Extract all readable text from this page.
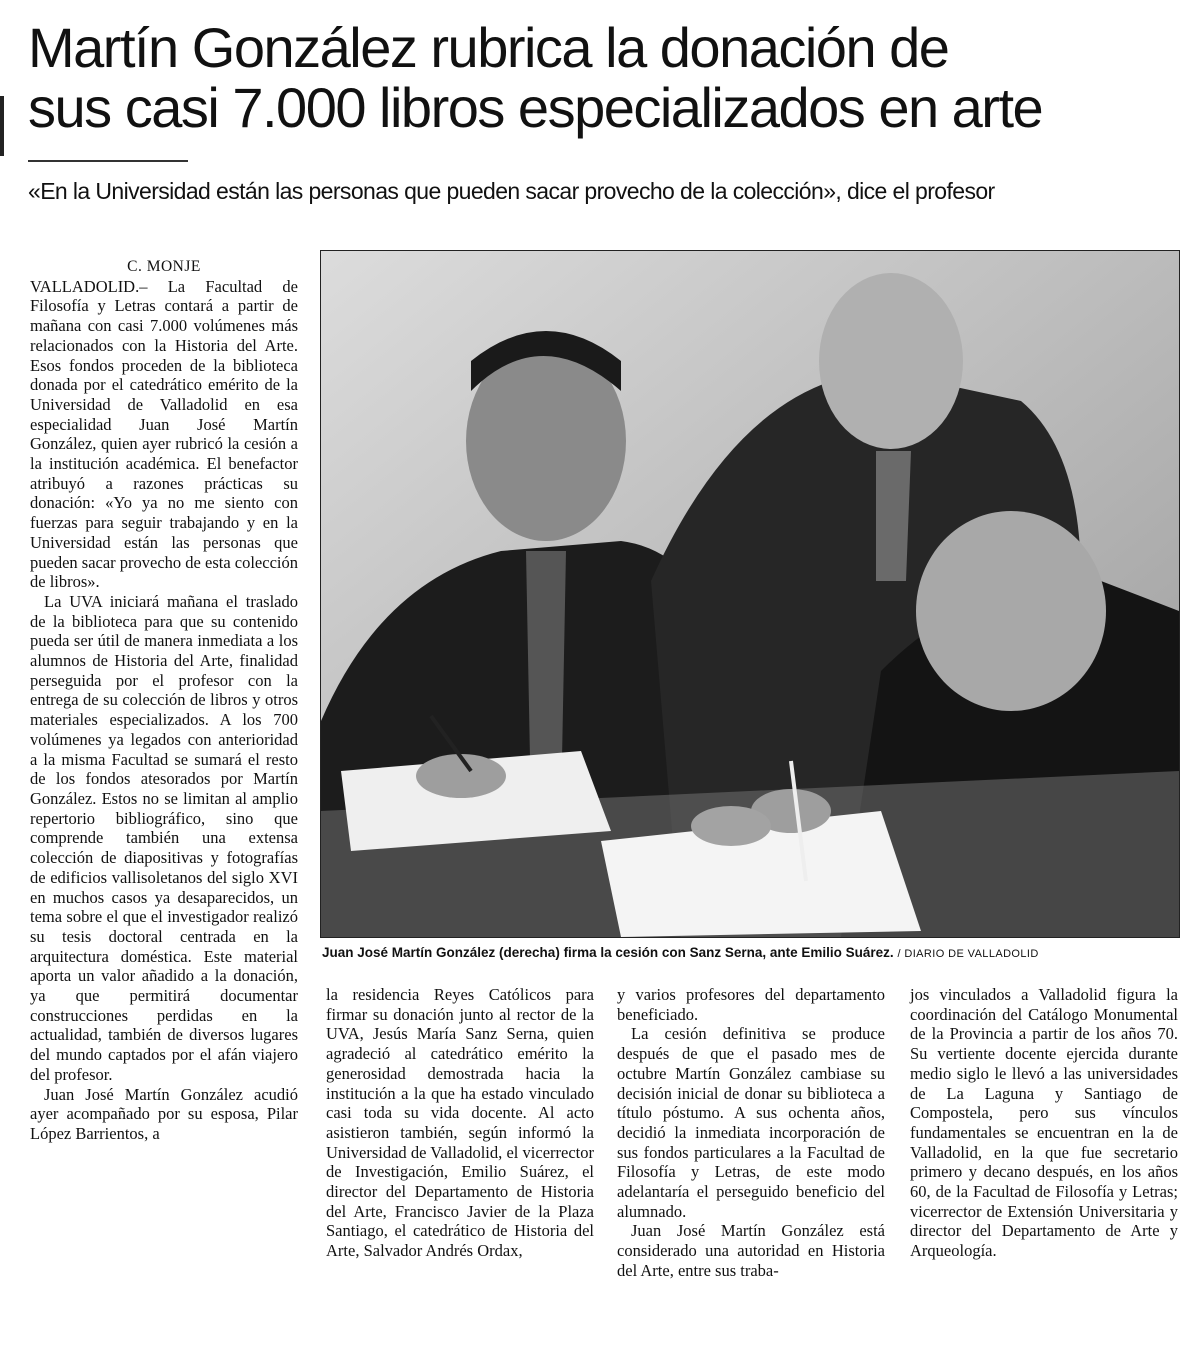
Martín González rubrica la donación de
sus casi 7.000 libros especializados en arte
«En la Universidad están las personas que pueden sacar provecho de la colección», dice el profesor

C. MONJE

VALLADOLID.– La Facultad de Filosofía y Letras contará a partir de mañana con casi 7.000 volúmenes más relacionados con la Historia del Arte. Esos fondos proceden de la biblioteca donada por el catedrático emérito de la Universidad de Valladolid en esa especialidad Juan José Martín González, quien ayer rubricó la cesión a la institución académica. El benefactor atribuyó a razones prácticas su donación: «Yo ya no me siento con fuerzas para seguir trabajando y en la Universidad están las personas que pueden sacar provecho de esta colección de libros».

La UVA iniciará mañana el traslado de la biblioteca para que su contenido pueda ser útil de manera inmediata a los alumnos de Historia del Arte, finalidad perseguida por el profesor con la entrega de su colección de libros y otros materiales especializados. A los 700 volúmenes ya legados con anterioridad a la misma Facultad se sumará el resto de los fondos atesorados por Martín González. Estos no se limitan al amplio repertorio bibliográfico, sino que comprende también una extensa colección de diapositivas y fotografías de edificios vallisoletanos del siglo XVI en muchos casos ya desaparecidos, un tema sobre el que el investigador realizó su tesis doctoral centrada en la arquitectura doméstica. Este material aporta un valor añadido a la donación, ya que permitirá documentar construcciones perdidas en la actualidad, también de diversos lugares del mundo captados por el afán viajero del profesor.

Juan José Martín González acudió ayer acompañado por su esposa, Pilar López Barrientos, a

Juan José Martín González (derecha) firma la cesión con Sanz Serna, ante Emilio Suárez. / DIARIO DE VALLADOLID

la residencia Reyes Católicos para firmar su donación junto al rector de la UVA, Jesús María Sanz Serna, quien agradeció al catedrático emérito la generosidad demostrada hacia la institución a la que ha estado vinculado casi toda su vida docente. Al acto asistieron también, según informó la Universidad de Valladolid, el vicerrector de Investigación, Emilio Suárez, el director del Departamento de Historia del Arte, Francisco Javier de la Plaza Santiago, el catedrático de Historia del Arte, Salvador Andrés Ordax,

y varios profesores del departamento beneficiado.

La cesión definitiva se produce después de que el pasado mes de octubre Martín González cambiase su decisión inicial de donar su biblioteca a título póstumo. A sus ochenta años, decidió la inmediata incorporación de sus fondos particulares a la Facultad de Filosofía y Letras, de este modo adelantaría el perseguido beneficio del alumnado.

Juan José Martín González está considerado una autoridad en Historia del Arte, entre sus traba-

jos vinculados a Valladolid figura la coordinación del Catálogo Monumental de la Provincia a partir de los años 70. Su vertiente docente ejercida durante medio siglo le llevó a las universidades de La Laguna y Santiago de Compostela, pero sus vínculos fundamentales se encuentran en la de Valladolid, en la que fue secretario primero y decano después, en los años 60, de la Facultad de Filosofía y Letras; vicerrector de Extensión Universitaria y director del Departamento de Arte y Arqueología.
